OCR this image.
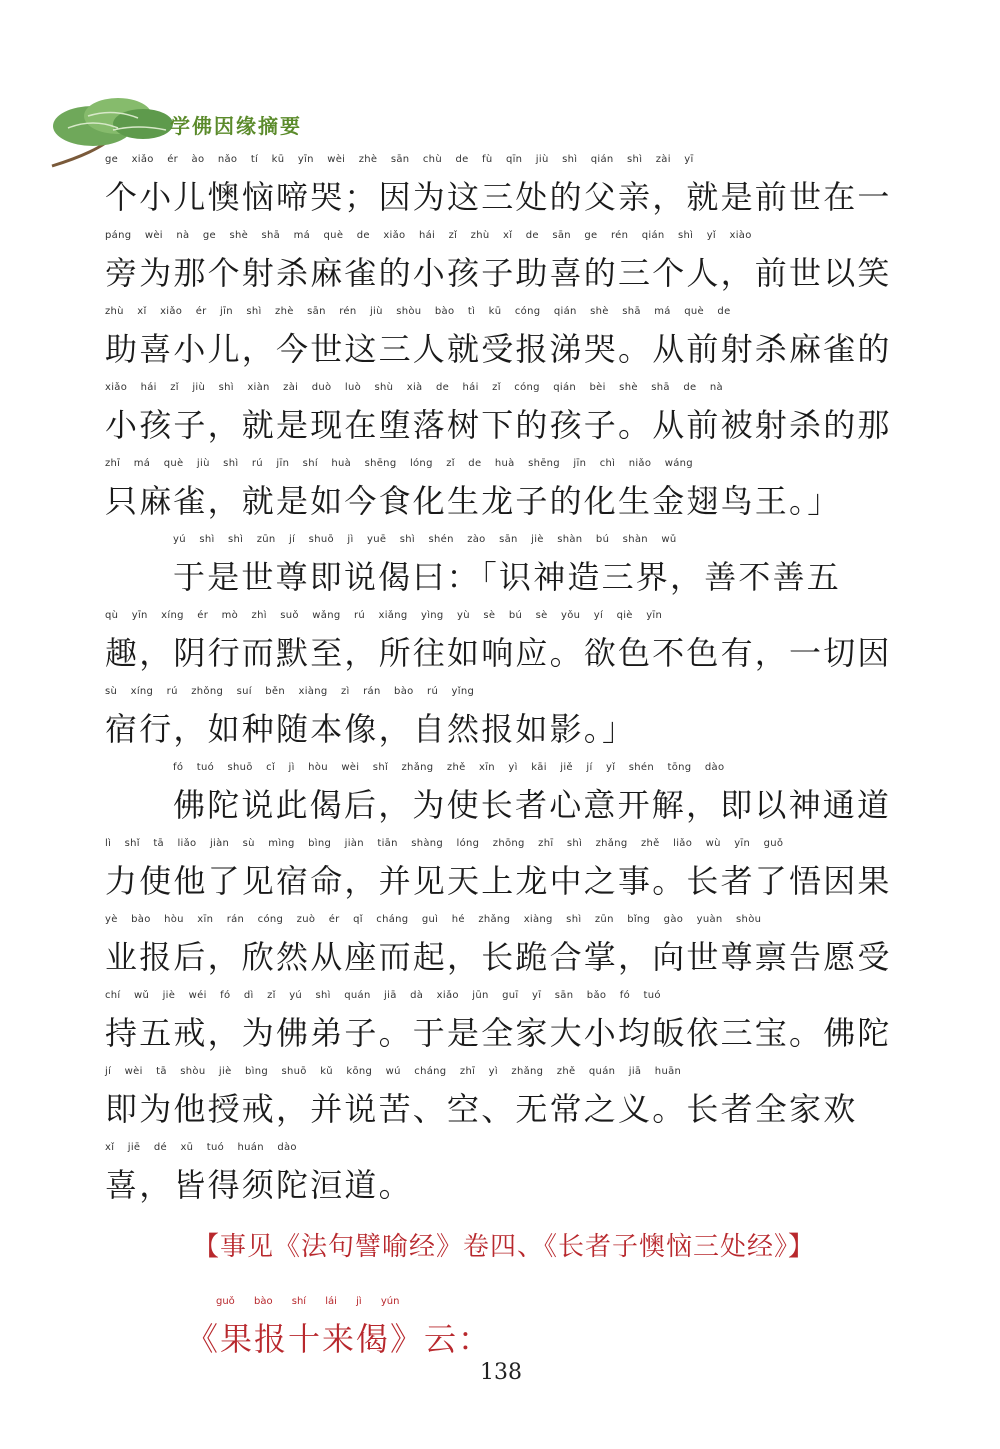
学佛因缘摘要
ge xiǎo ér ào nǎo tí kū yīn wèi zhè sān chù de fù qīn jiù shì qián shì zài yī
个小儿懊恼啼哭；因为这三处的父亲，就是前世在一
páng wèi nà ge shè shā má què de xiǎo hái zǐ zhù xǐ de sān ge rén qián shì yǐ xiào
旁为那个射杀麻雀的小孩子助喜的三个人，前世以笑
zhù xǐ xiǎo ér jīn shì zhè sān rén jiù shòu bào tì kū cóng qián shè shā má què de
助喜小儿，今世这三人就受报涕哭。从前射杀麻雀的
xiǎo hái zǐ jiù shì xiàn zài duò luò shù xià de hái zǐ cóng qián bèi shè shā de nà
小孩子，就是现在堕落树下的孩子。从前被射杀的那
zhī má què jiù shì rú jīn shí huà shēng lóng zǐ de huà shēng jīn chì niǎo wáng
只麻雀，就是如今食化生龙子的化生金翅鸟王。」
yú shì shì zūn jí shuō jì yuē shì shén zào sān jiè shàn bú shàn wǔ
于是世尊即说偈曰：「识神造三界，善不善五
qù yīn xíng ér mò zhì suǒ wǎng rú xiǎng yìng yù sè bú sè yǒu yí qiè yīn
趣，阴行而默至，所往如响应。欲色不色有，一切因
sù xíng rú zhǒng suí běn xiàng zì rán bào rú yǐng
宿行，如种随本像，自然报如影。」
fó tuó shuō cǐ jì hòu wèi shǐ zhǎng zhě xīn yì kāi jiě jí yǐ shén tōng dào
佛陀说此偈后，为使长者心意开解，即以神通道
lì shǐ tā liǎo jiàn sù mìng bìng jiàn tiān shàng lóng zhōng zhī shì zhǎng zhě liǎo wù yīn guǒ
力使他了见宿命，并见天上龙中之事。长者了悟因果
yè bào hòu xīn rán cóng zuò ér qǐ cháng guì hé zhǎng xiàng shì zūn bǐng gào yuàn shòu
业报后，欣然从座而起，长跪合掌，向世尊禀告愿受
chí wǔ jiè wéi fó dì zǐ yú shì quán jiā dà xiǎo jūn guī yī sān bǎo fó tuó
持五戒，为佛弟子。于是全家大小均皈依三宝。佛陀
jí wèi tā shòu jiè bìng shuō kǔ kōng wú cháng zhī yì zhǎng zhě quán jiā huān
即为他授戒，并说苦、空、无常之义。长者全家欢
xǐ jiē dé xū tuó huán dào
喜，皆得须陀洹道。
【事见《法句譬喻经》卷四、《长者子懊恼三处经》】
guǒ bào shí lái jì yún
《果报十来偈》云：
138
